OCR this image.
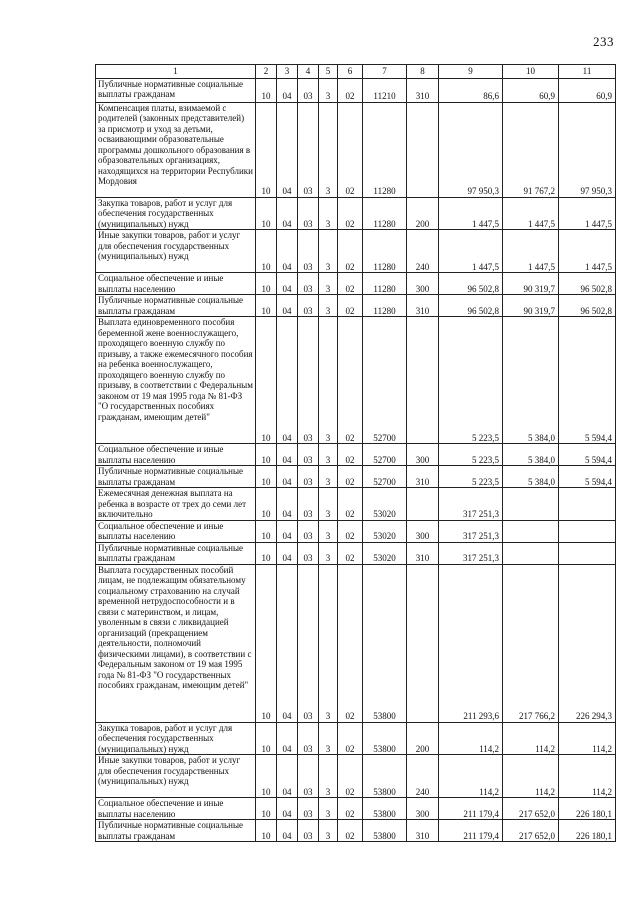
233
1	2	3	4	5	6	7	8	9	10	11
Публичные нормативные социальные выплаты гражданам	10	04	03	3	02	11210	310	86,6	60,9	60,9
Компенсация платы, взимаемой с родителей (законных представителей) за присмотр и уход за детьми, осваивающими образовательные программы дошкольного образования в образовательных организациях, находящихся на территории Республики Мордовия	10	04	03	3	02	11280		97 950,3	91 767,2	97 950,3
Закупка товаров, работ и услуг для обеспечения государственных (муниципальных) нужд	10	04	03	3	02	11280	200	1 447,5	1 447,5	1 447,5
Иные закупки товаров, работ и услуг для обеспечения государственных (муниципальных) нужд	10	04	03	3	02	11280	240	1 447,5	1 447,5	1 447,5
Социальное обеспечение и иные выплаты населению	10	04	03	3	02	11280	300	96 502,8	90 319,7	96 502,8
Публичные нормативные социальные выплаты гражданам	10	04	03	3	02	11280	310	96 502,8	90 319,7	96 502,8
Выплата единовременного пособия беременной жене военнослужащего, проходящего военную службу по призыву, а также ежемесячного пособия на ребенка военнослужащего, проходящего военную службу по призыву, в соответствии с Федеральным законом от 19 мая 1995 года № 81-ФЗ "О государственных пособиях гражданам, имеющим детей"	10	04	03	3	02	52700		5 223,5	5 384,0	5 594,4
Социальное обеспечение и иные выплаты населению	10	04	03	3	02	52700	300	5 223,5	5 384,0	5 594,4
Публичные нормативные социальные выплаты гражданам	10	04	03	3	02	52700	310	5 223,5	5 384,0	5 594,4
Ежемесячная денежная выплата на ребенка в возрасте от трех до семи лет включительно	10	04	03	3	02	53020		317 251,3		
Социальное обеспечение и иные выплаты населению	10	04	03	3	02	53020	300	317 251,3		
Публичные нормативные социальные выплаты гражданам	10	04	03	3	02	53020	310	317 251,3		
Выплата государственных пособий лицам, не подлежащим обязательному социальному страхованию на случай временной нетрудоспособности и в связи с материнством, и лицам, уволенным в связи с ликвидацией организаций (прекращением деятельности, полномочий физическими лицами), в соответствии с Федеральным законом от 19 мая 1995 года № 81-ФЗ "О государственных пособиях гражданам, имеющим детей"	10	04	03	3	02	53800		211 293,6	217 766,2	226 294,3
Закупка товаров, работ и услуг для обеспечения государственных (муниципальных) нужд	10	04	03	3	02	53800	200	114,2	114,2	114,2
Иные закупки товаров, работ и услуг для обеспечения государственных (муниципальных) нужд	10	04	03	3	02	53800	240	114,2	114,2	114,2
Социальное обеспечение и иные выплаты населению	10	04	03	3	02	53800	300	211 179,4	217 652,0	226 180,1
Публичные нормативные социальные выплаты гражданам	10	04	03	3	02	53800	310	211 179,4	217 652,0	226 180,1
